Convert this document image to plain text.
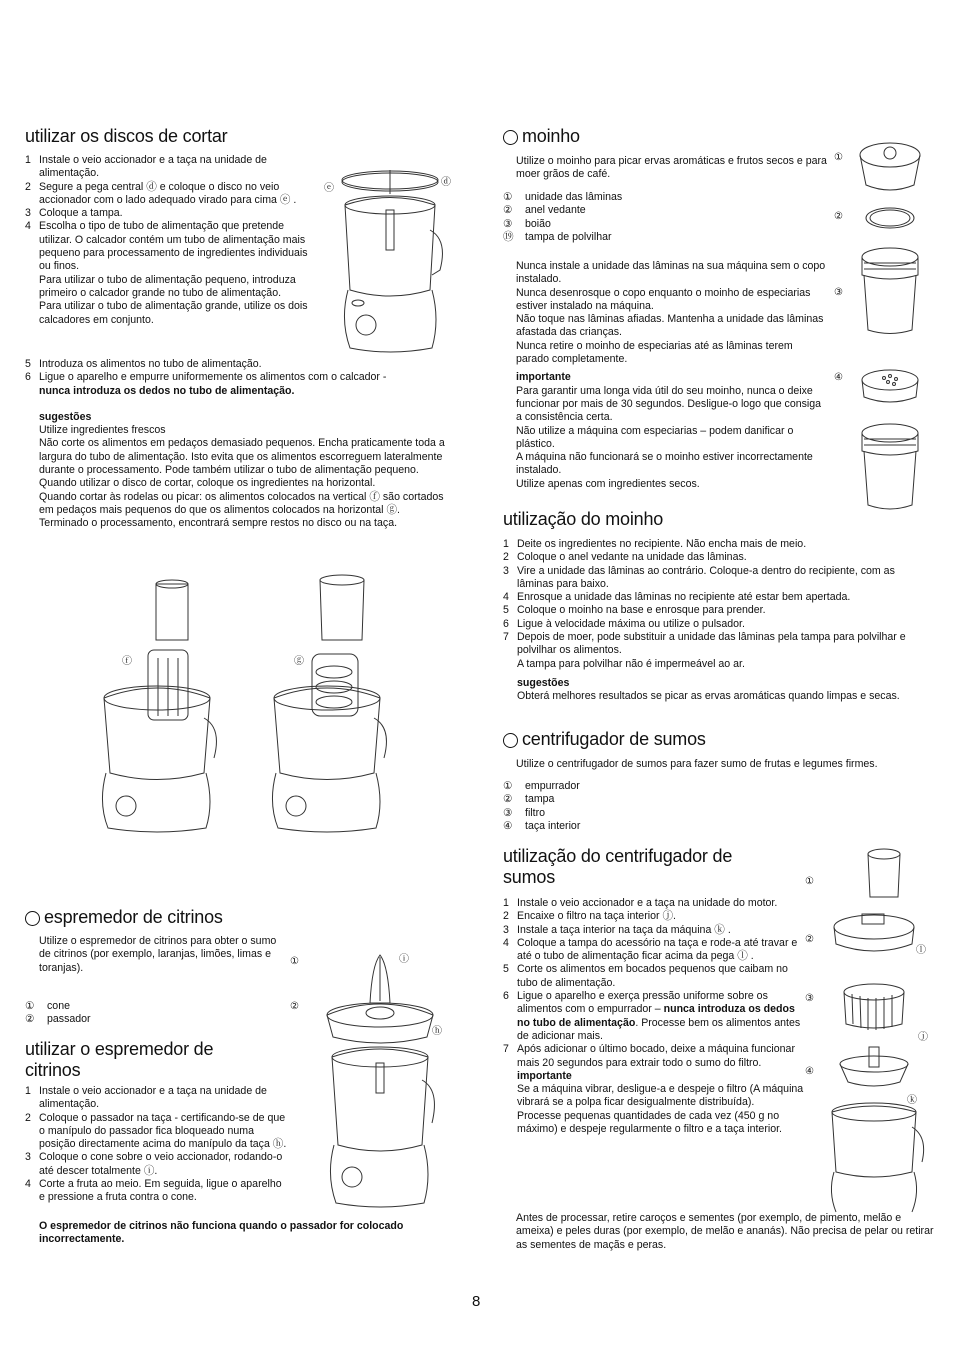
utilizar os discos de cortar
1 Instale o veio accionador e a taça na unidade de alimentação.
2 Segure a pega central ⓓ e coloque o disco no veio accionador com o lado adequado virado para cima ⓔ .
3 Coloque a tampa.
4 Escolha o tipo de tubo de alimentação que pretende utilizar. O calcador contém um tubo de alimentação mais pequeno para processamento de ingredientes individuais ou finos.
Para utilizar o tubo de alimentação pequeno, introduza primeiro o calcador grande no tubo de alimentação.
Para utilizar o tubo de alimentação grande, utilize os dois calcadores em conjunto.
5 Introduza os alimentos no tubo de alimentação.
6 Ligue o aparelho e empurre uniformemente os alimentos com o calcador -
nunca introduza os dedos no tubo de alimentação.
sugestões
Utilize ingredientes frescos
Não corte os alimentos em pedaços demasiado pequenos. Encha praticamente toda a largura do tubo de alimentação. Isto evita que os alimentos escorreguem lateralmente durante o processamento. Pode também utilizar o tubo de alimentação pequeno.
Quando utilizar o disco de cortar, coloque os ingredientes na horizontal.
Quando cortar às rodelas ou picar: os alimentos colocados na vertical ⓕ são cortados em pedaços mais pequenos do que os alimentos colocados na horizontal ⓖ.
Terminado o processamento, encontrará sempre restos no disco ou na taça.
ⓔ
ⓓ
ⓕ	ⓖ
espremedor de citrinos
Utilize o espremedor de citrinos para obter o sumo de citrinos (por exemplo, laranjas, limões, limas e toranjas).
① cone
② passador
utilizar o espremedor de citrinos
1 Instale o veio accionador e a taça na unidade de alimentação.
2 Coloque o passador na taça - certificando-se de que o manípulo do passador fica bloqueado numa posição directamente acima do manípulo da taça ⓗ.
3 Coloque o cone sobre o veio accionador, rodando-o até descer totalmente ⓘ.
4 Corte a fruta ao meio. Em seguida, ligue o aparelho e pressione a fruta contra o cone.
O espremedor de citrinos não funciona quando o passador for colocado incorrectamente.
①
②
ⓘ
ⓗ
moinho
Utilize o moinho para picar ervas aromáticas e frutos secos e para moer grãos de café.
① unidade das lâminas
② anel vedante
③ boião
⑲ tampa de polvilhar
Nunca instale a unidade das lâminas na sua máquina sem o copo instalado.
Nunca desenrosque o copo enquanto o moinho de especiarias estiver instalado na máquina.
Não toque nas lâminas afiadas. Mantenha a unidade das lâminas afastada das crianças.
Nunca retire o moinho de especiarias até as lâminas terem parado completamente.
importante
Para garantir uma longa vida útil do seu moinho, nunca o deixe funcionar por mais de 30 segundos. Desligue-o logo que consiga a consistência certa.
Não utilize a máquina com especiarias – podem danificar o plástico.
A máquina não funcionará se o moinho estiver incorrectamente instalado.
Utilize apenas com ingredientes secos.
①
②
③
④
utilização do moinho
1 Deite os ingredientes no recipiente. Não encha mais de meio.
2 Coloque o anel vedante na unidade das lâminas.
3 Vire a unidade das lâminas ao contrário. Coloque-a dentro do recipiente, com as lâminas para baixo.
4 Enrosque a unidade das lâminas no recipiente até estar bem apertada.
5 Coloque o moinho na base e enrosque para prender.
6 Ligue à velocidade máxima ou utilize o pulsador.
7 Depois de moer, pode substituir a unidade das lâminas pela tampa para polvilhar e polvilhar os alimentos.
A tampa para polvilhar não é impermeável ao ar.
sugestões
Obterá melhores resultados se picar as ervas aromáticas quando limpas e secas.
centrifugador de sumos
Utilize o centrifugador de sumos para fazer sumo de frutas e legumes firmes.
① empurrador
② tampa
③ filtro
④ taça interior
utilização do centrifugador de sumos
1 Instale o veio accionador e a taça na unidade do motor.
2 Encaixe o filtro na taça interior ⓙ.
3 Instale a taça interior na taça da máquina ⓚ .
4 Coloque a tampa do acessório na taça e rode-a até travar e até o tubo de alimentação ficar acima da pega ⓛ .
5 Corte os alimentos em bocados pequenos que caibam no tubo de alimentação.
6 Ligue o aparelho e exerça pressão uniforme sobre os alimentos com o empurrador – nunca introduza os dedos no tubo de alimentação. Processe bem os alimentos antes de adicionar mais.
7 Após adicionar o último bocado, deixe a máquina funcionar mais 20 segundos para extrair todo o sumo do filtro.
importante
Se a máquina vibrar, desligue-a e despeje o filtro (A máquina vibrará se a polpa ficar desigualmente distribuída).
Processe pequenas quantidades de cada vez (450 g no máximo) e despeje regularmente o filtro e a taça interior.
Antes de processar, retire caroços e sementes (por exemplo, de pimento, melão e ameixa) e peles duras (por exemplo, de melão e ananás). Não precisa de pelar ou retirar as sementes de maçãs e peras.
①
②
ⓛ
③
ⓙ
④
ⓚ
8
